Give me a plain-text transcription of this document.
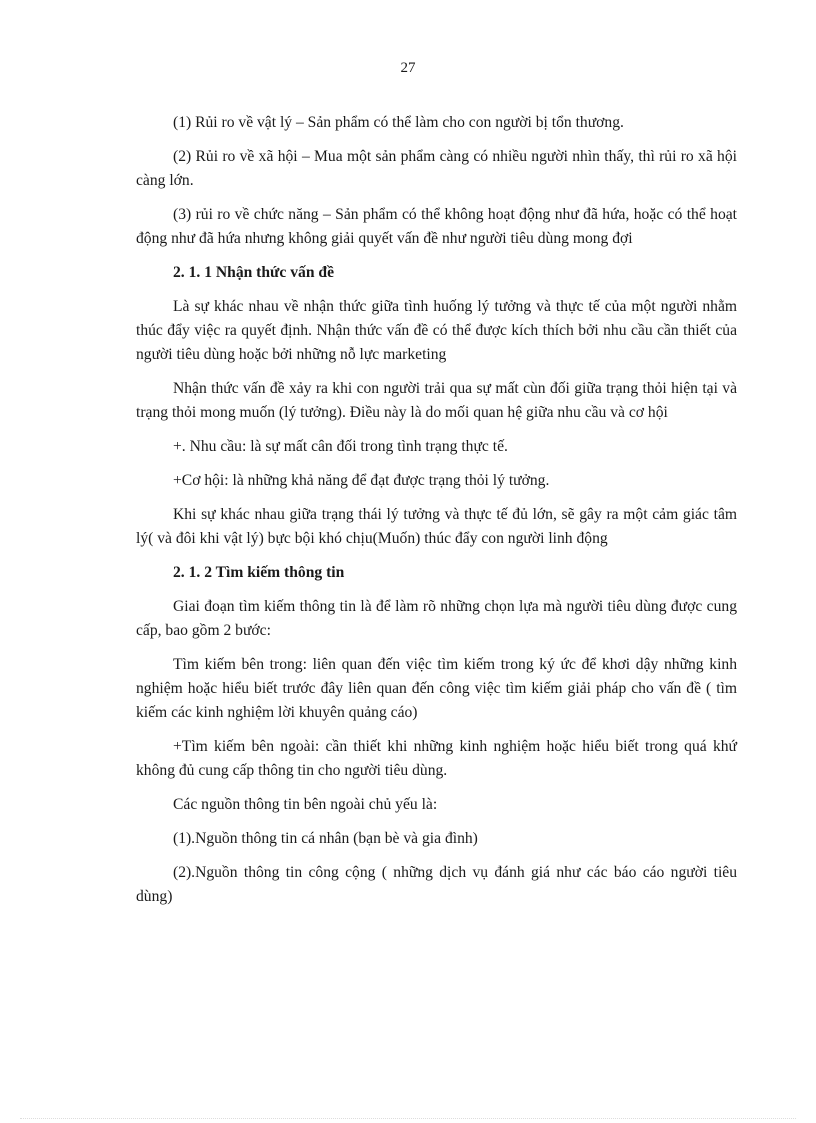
27

(1) Rủi ro về vật lý – Sản phẩm có thể làm cho con người bị tổn thương.

(2) Rủi ro về xã hội – Mua một sản phẩm càng có nhiều người nhìn thấy, thì rủi ro xã hội càng lớn.

(3) rủi ro về chức năng – Sản phẩm có thể không hoạt động như đã hứa, hoặc có thể hoạt động như đã hứa nhưng không giải quyết vấn đề như người tiêu dùng mong đợi

2. 1. 1 Nhận thức vấn đề

Là sự khác nhau về nhận thức giữa tình huống lý tưởng và thực tế của một người nhằm thúc đẩy việc ra quyết định. Nhận thức vấn đề có thể được kích thích bởi nhu cầu cần thiết của người tiêu dùng hoặc bởi những nỗ lực marketing

Nhận thức vấn đề xảy ra khi con người trải qua sự mất cùn đối giữa trạng thỏi hiện tại và trạng thỏi mong muốn (lý tưởng). Điều này là do mối quan hệ giữa nhu cầu và cơ hội

+. Nhu cầu: là sự mất cân đối trong tình trạng thực tế.

+Cơ hội: là những khả năng để đạt được trạng thỏi lý tưởng.

Khi sự khác nhau giữa trạng thái lý tưởng và thực tế đủ lớn, sẽ gây ra một cảm giác tâm lý( và đôi khi vật lý) bực bội khó chịu(Muốn) thúc đẩy con người linh động

2. 1. 2 Tìm kiếm thông tin

Giai đoạn tìm kiếm thông tin là để làm rõ những chọn lựa mà người tiêu dùng được cung cấp, bao gồm 2 bước:

Tìm kiếm bên trong: liên quan đến việc tìm kiếm trong ký ức để khơi dậy những kinh nghiệm hoặc hiểu biết trước đây liên quan đến công việc tìm kiếm giải pháp cho vấn đề ( tìm kiếm các kinh nghiệm lời khuyên quảng cáo)

+Tìm kiếm bên ngoài: cần thiết khi những kinh nghiệm hoặc hiểu biết trong quá khứ không đủ cung cấp thông tin cho người tiêu dùng.

Các nguồn thông tin bên ngoài chủ yếu là:

(1).Nguồn thông tin cá nhân (bạn bè và gia đình)

(2).Nguồn thông tin công cộng ( những dịch vụ đánh giá như các báo cáo người tiêu dùng)
